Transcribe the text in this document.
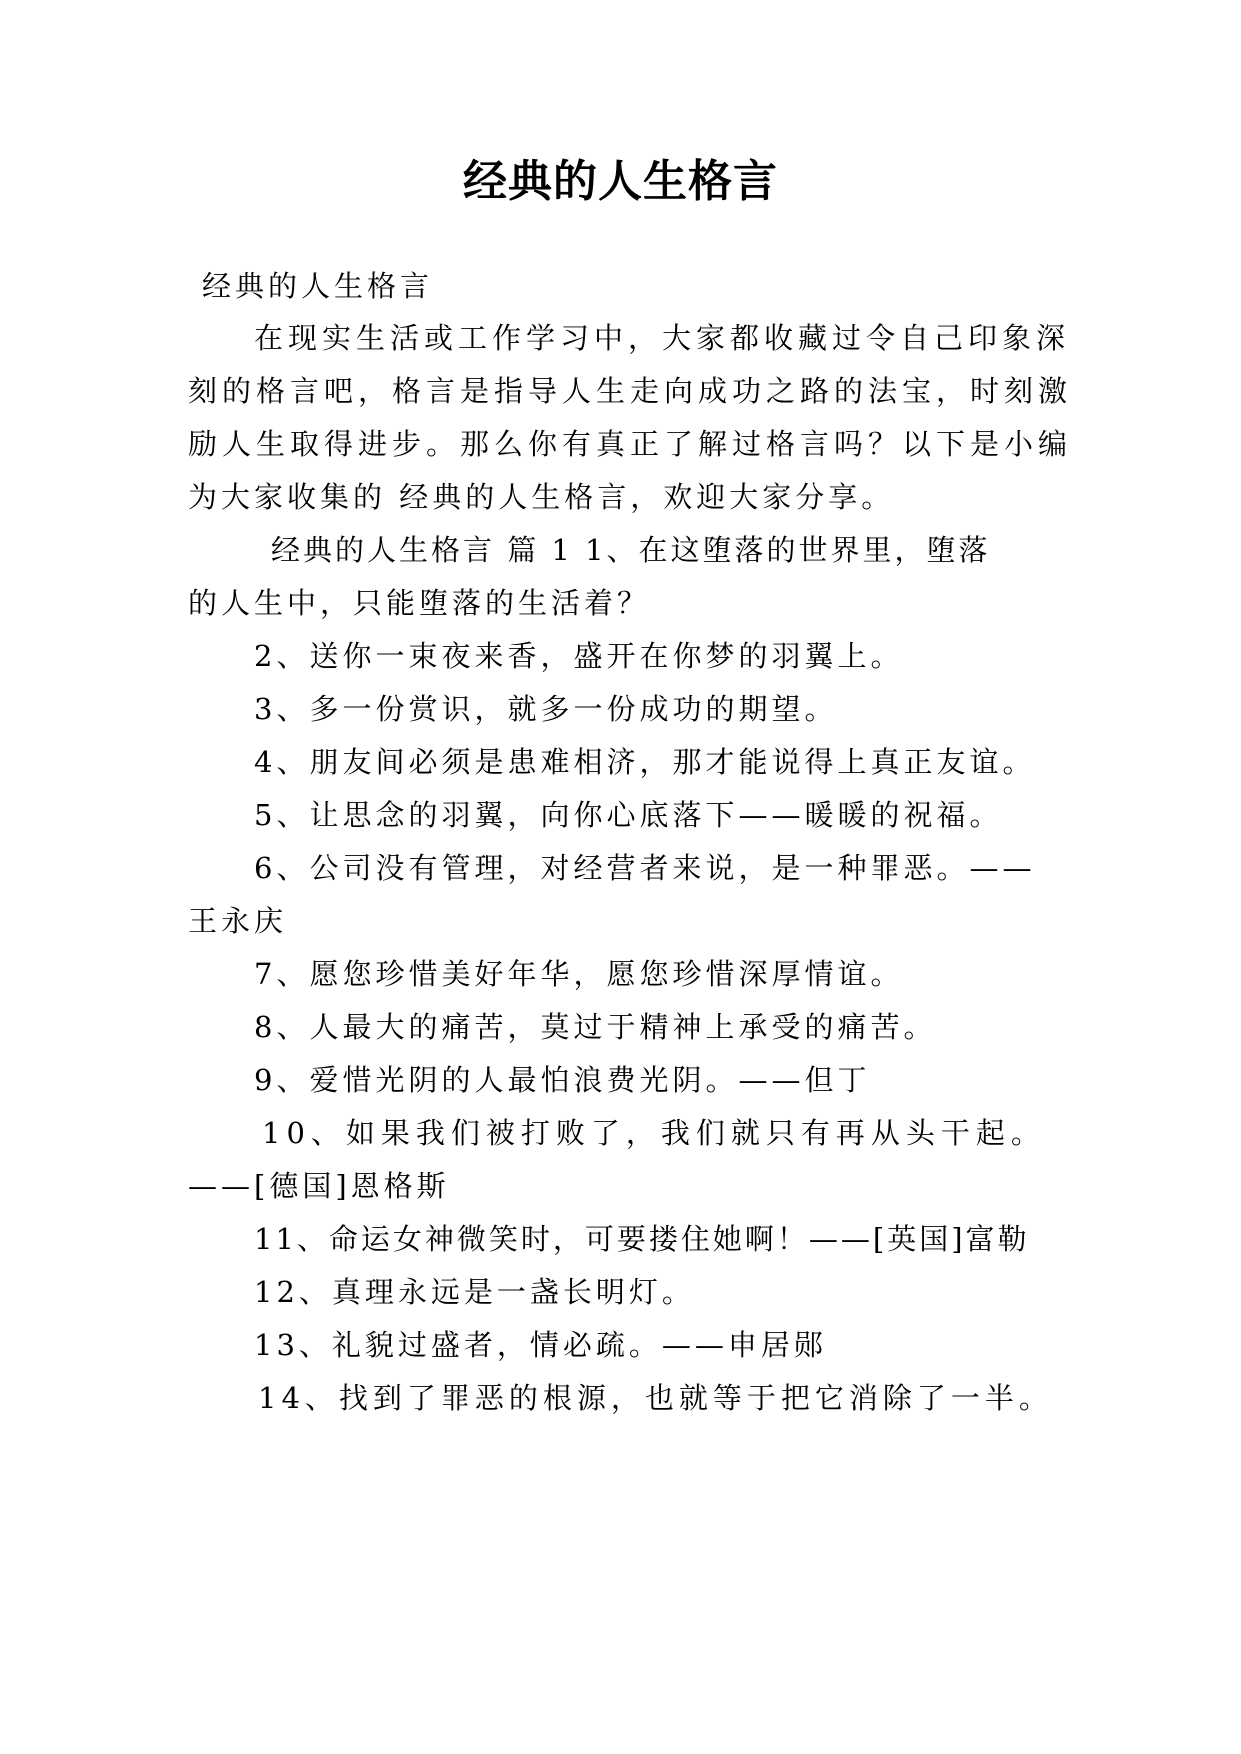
经典的人生格言
经典的人生格言
在现实生活或工作学习中，大家都收藏过令自己印象深
刻的格言吧，格言是指导人生走向成功之路的法宝，时刻激
励人生取得进步。那么你有真正了解过格言吗？以下是小编
为大家收集的 经典的人生格言，欢迎大家分享。
经典的人生格言 篇 1 1、在这堕落的世界里，堕落
的人生中，只能堕落的生活着？
2、送你一束夜来香，盛开在你梦的羽翼上。
3、多一份赏识，就多一份成功的期望。
4、朋友间必须是患难相济，那才能说得上真正友谊。
5、让思念的羽翼，向你心底落下——暖暖的祝福。
6、公司没有管理，对经营者来说，是一种罪恶。——
王永庆
7、愿您珍惜美好年华，愿您珍惜深厚情谊。
8、人最大的痛苦，莫过于精神上承受的痛苦。
9、爱惜光阴的人最怕浪费光阴。——但丁
10、如果我们被打败了，我们就只有再从头干起。
——[德国]恩格斯
11、命运女神微笑时，可要搂住她啊！——[英国]富勒
12、真理永远是一盏长明灯。
13、礼貌过盛者，情必疏。——申居郧
14、找到了罪恶的根源，也就等于把它消除了一半。
